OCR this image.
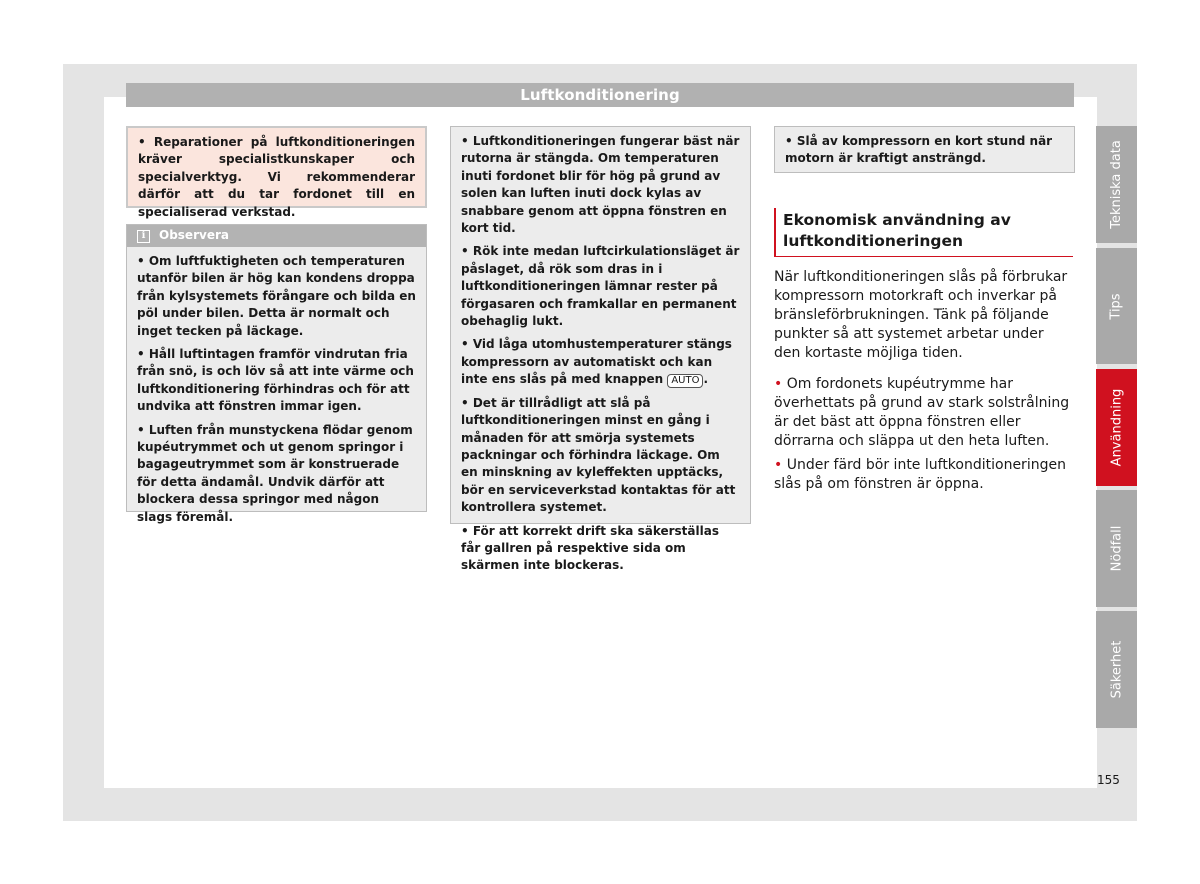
Luftkonditionering
• Reparationer på luftkonditioneringen kräver specialistkunskaper och specialverktyg. Vi rekommenderar därför att du tar fordonet till en specialiserad verkstad.
i	Observera

• Om luftfuktigheten och temperaturen utanför bilen är hög kan kondens droppa från kylsystemets förångare och bilda en pöl under bilen. Detta är normalt och inget tecken på läckage.

• Håll luftintagen framför vindrutan fria från snö, is och löv så att inte värme och luftkonditionering förhindras och för att undvika att fönstren immar igen.

• Luften från munstyckena flödar genom kupéutrymmet och ut genom springor i bagageutrymmet som är konstruerade för detta ändamål. Undvik därför att blockera dessa springor med någon slags föremål.

• Luftkonditioneringen fungerar bäst när rutorna är stängda. Om temperaturen inuti fordonet blir för hög på grund av solen kan luften inuti dock kylas av snabbare genom att öppna fönstren en kort tid.

• Rök inte medan luftcirkulationsläget är påslaget, då rök som dras in i luftkonditioneringen lämnar rester på förgasaren och framkallar en permanent obehaglig lukt.

• Vid låga utomhustemperaturer stängs kompressorn av automatiskt och kan inte ens slås på med knappen AUTO .

• Det är tillrådligt att slå på luftkonditioneringen minst en gång i månaden för att smörja systemets packningar och förhindra läckage. Om en minskning av kyleffekten upptäcks, bör en serviceverkstad kontaktas för att kontrollera systemet.

• För att korrekt drift ska säkerställas får gallren på respektive sida om skärmen inte blockeras.

• Slå av kompressorn en kort stund när motorn är kraftigt ansträngd.
Ekonomisk användning av luftkonditioneringen
När luftkonditioneringen slås på förbrukar kompressorn motorkraft och inverkar på bränsleförbrukningen. Tänk på följande punkter så att systemet arbetar under den kortaste möjliga tiden.
• Om fordonets kupéutrymme har överhettats på grund av stark solstrålning är det bäst att öppna fönstren eller dörrarna och släppa ut den heta luften.
• Under färd bör inte luftkonditioneringen slås på om fönstren är öppna.
Tekniska data
Tips
Användning
Nödfall
Säkerhet
155
